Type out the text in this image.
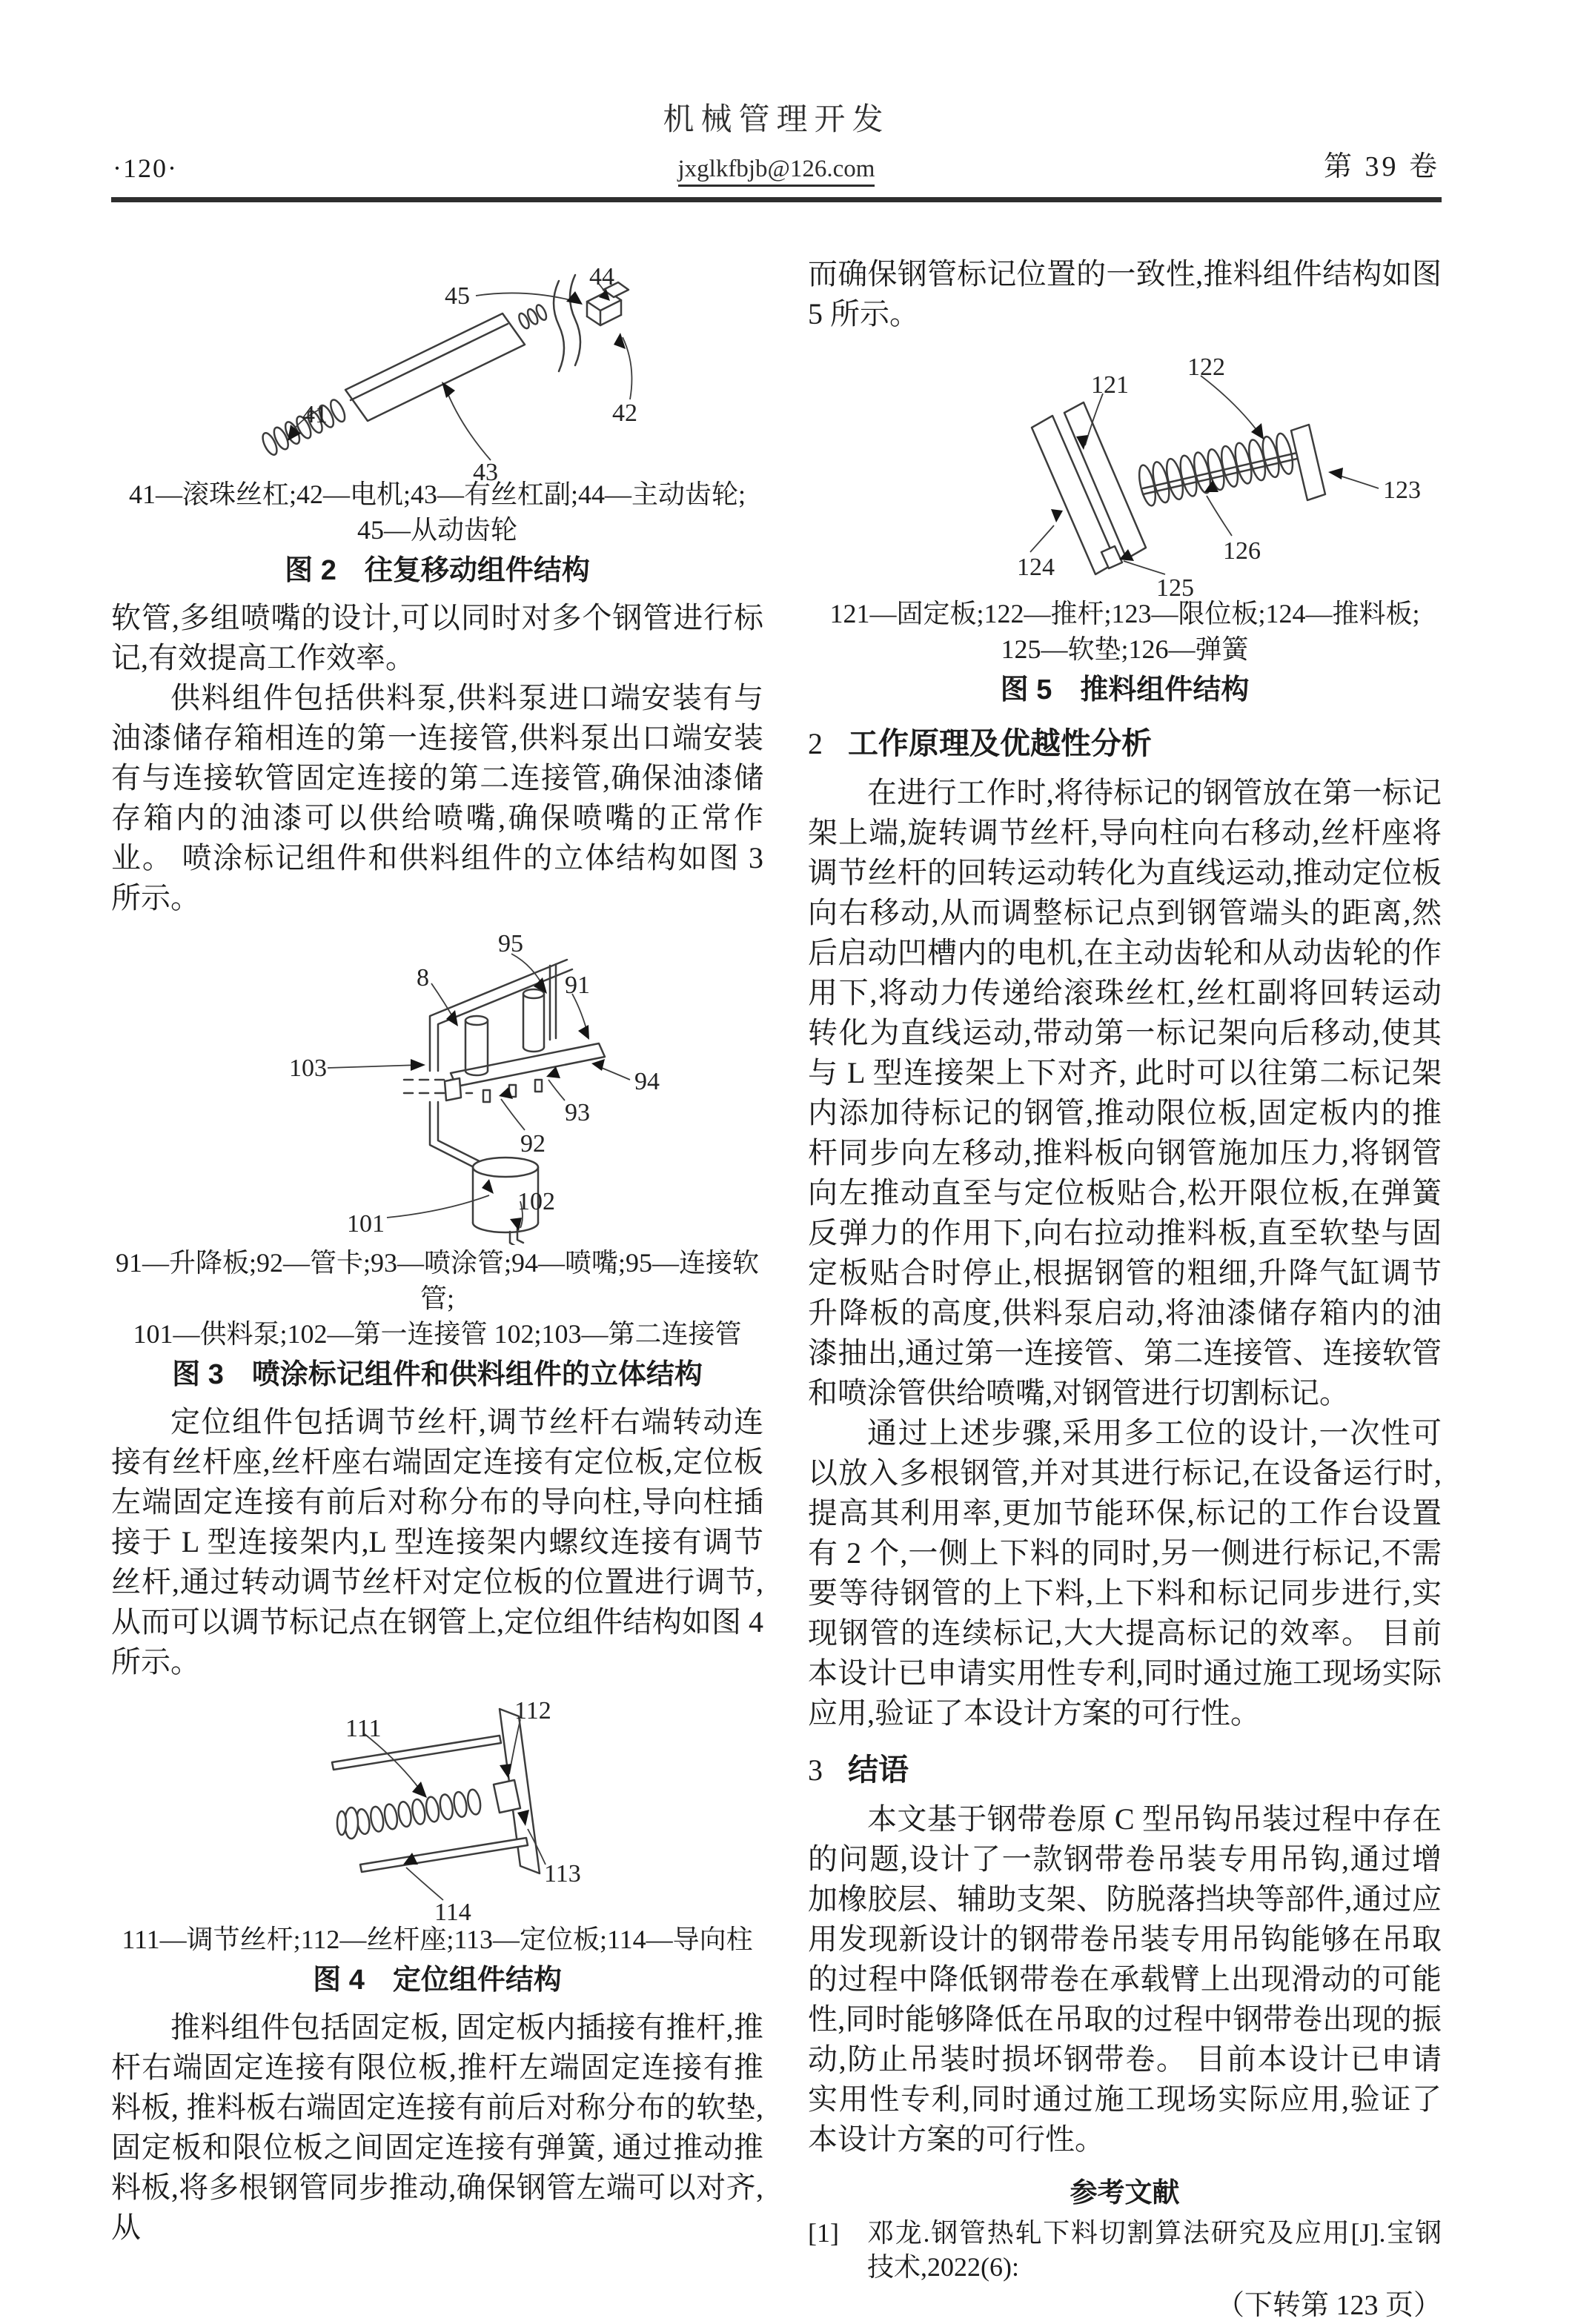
机械管理开发

jxglkfbjb@126.com
·120·	第 39 卷
45
44
41	42
43

41—滚珠丝杠;42—电机;43—有丝杠副;44—主动齿轮;

45—从动齿轮

图 2　往复移动组件结构

软管,多组喷嘴的设计,可以同时对多个钢管进行标记,有效提高工作效率。

供料组件包括供料泵,供料泵进口端安装有与油漆储存箱相连的第一连接管,供料泵出口端安装有与连接软管固定连接的第二连接管,确保油漆储存箱内的油漆可以供给喷嘴,确保喷嘴的正常作业。 喷涂标记组件和供料组件的立体结构如图 3 所示。

95
8	91
103	94
93
92
101
102

91—升降板;92—管卡;93—喷涂管;94—喷嘴;95—连接软管;

101—供料泵;102—第一连接管 102;103—第二连接管

图 3　喷涂标记组件和供料组件的立体结构

定位组件包括调节丝杆,调节丝杆右端转动连接有丝杆座,丝杆座右端固定连接有定位板,定位板左端固定连接有前后对称分布的导向柱,导向柱插接于 L 型连接架内,L 型连接架内螺纹连接有调节丝杆,通过转动调节丝杆对定位板的位置进行调节,从而可以调节标记点在钢管上,定位组件结构如图 4 所示。

111
112
113
114

111—调节丝杆;112—丝杆座;113—定位板;114—导向柱

图 4　定位组件结构

推料组件包括固定板, 固定板内插接有推杆,推杆右端固定连接有限位板,推杆左端固定连接有推料板, 推料板右端固定连接有前后对称分布的软垫,固定板和限位板之间固定连接有弹簧, 通过推动推料板,将多根钢管同步推动,确保钢管左端可以对齐,从

而确保钢管标记位置的一致性,推料组件结构如图 5 所示。

121
122
123
124
125
126

121—固定板;122—推杆;123—限位板;124—推料板;

125—软垫;126—弹簧

图 5　推料组件结构

2 工作原理及优越性分析

在进行工作时,将待标记的钢管放在第一标记架上端,旋转调节丝杆,导向柱向右移动,丝杆座将调节丝杆的回转运动转化为直线运动,推动定位板向右移动,从而调整标记点到钢管端头的距离,然后启动凹槽内的电机,在主动齿轮和从动齿轮的作用下,将动力传递给滚珠丝杠,丝杠副将回转运动转化为直线运动,带动第一标记架向后移动,使其与 L 型连接架上下对齐, 此时可以往第二标记架内添加待标记的钢管,推动限位板,固定板内的推杆同步向左移动,推料板向钢管施加压力,将钢管向左推动直至与定位板贴合,松开限位板,在弹簧反弹力的作用下,向右拉动推料板,直至软垫与固定板贴合时停止,根据钢管的粗细,升降气缸调节升降板的高度,供料泵启动,将油漆储存箱内的油漆抽出,通过第一连接管、第二连接管、连接软管和喷涂管供给喷嘴,对钢管进行切割标记。

通过上述步骤,采用多工位的设计,一次性可以放入多根钢管,并对其进行标记,在设备运行时,提高其利用率,更加节能环保,标记的工作台设置有 2 个,一侧上下料的同时,另一侧进行标记,不需要等待钢管的上下料,上下料和标记同步进行,实现钢管的连续标记,大大提高标记的效率。 目前本设计已申请实用性专利,同时通过施工现场实际应用,验证了本设计方案的可行性。

3 结语

本文基于钢带卷原 C 型吊钩吊装过程中存在的问题,设计了一款钢带卷吊装专用吊钩,通过增加橡胶层、辅助支架、防脱落挡块等部件,通过应用发现新设计的钢带卷吊装专用吊钩能够在吊取的过程中降低钢带卷在承载臂上出现滑动的可能性,同时能够降低在吊取的过程中钢带卷出现的振动,防止吊装时损坏钢带卷。 目前本设计已申请实用性专利,同时通过施工现场实际应用,验证了本设计方案的可行性。

参考文献
[1]	邓龙.钢管热轧下料切割算法研究及应用[J].宝钢技术,2022(6):
（下转第 123 页）
